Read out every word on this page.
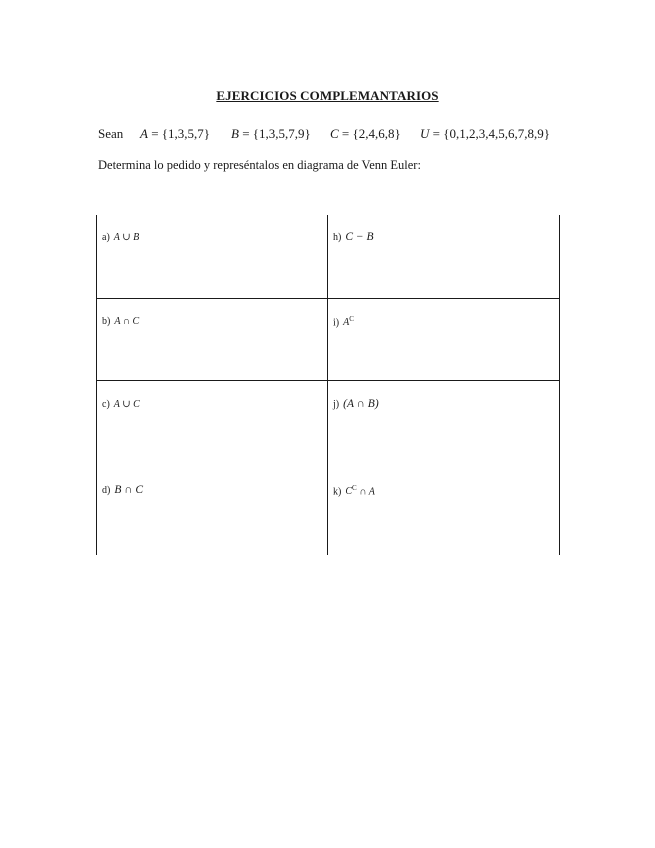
EJERCICIOS COMPLEMANTARIOS
Sean A = {1,3,5,7} B = {1,3,5,7,9} C = {2,4,6,8} U = {0,1,2,3,4,5,6,7,8,9}
Determina lo pedido y represéntalos en diagrama de Venn Euler:
a) A ∪ B	h) C − B
b) A ∩ C	i) $A^C$
c) A ∪ C	j) (A ∩ B)
d) B ∩ C	k) $C^C$ ∩ A
